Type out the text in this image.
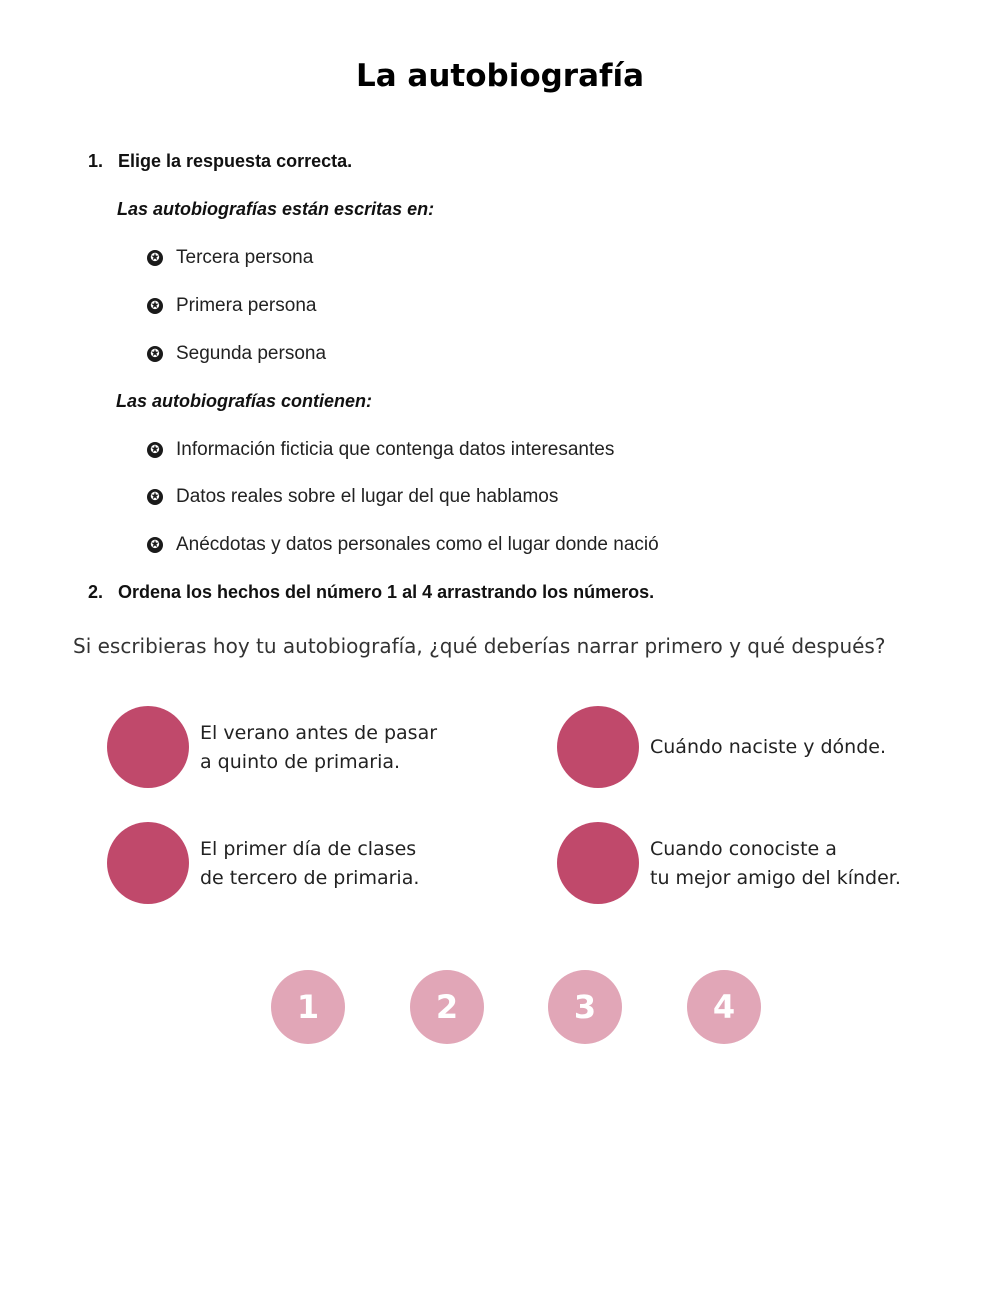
La autobiografía
1. Elige la respuesta correcta.
Las autobiografías están escritas en:
✪ Tercera persona
✪ Primera persona
✪ Segunda persona
Las autobiografías contienen:
✪ Información ficticia que contenga datos interesantes
✪ Datos reales sobre el lugar del que hablamos
✪ Anécdotas y datos personales como el lugar donde nació
2. Ordena los hechos del número 1 al 4 arrastrando los números.
Si escribieras hoy tu autobiografía, ¿qué deberías narrar primero y qué después?
El verano antes de pasar
a quinto de primaria.
Cuándo naciste y dónde.
El primer día de clases
de tercero de primaria.
Cuando conociste a
tu mejor amigo del kínder.
1	2	3	4
